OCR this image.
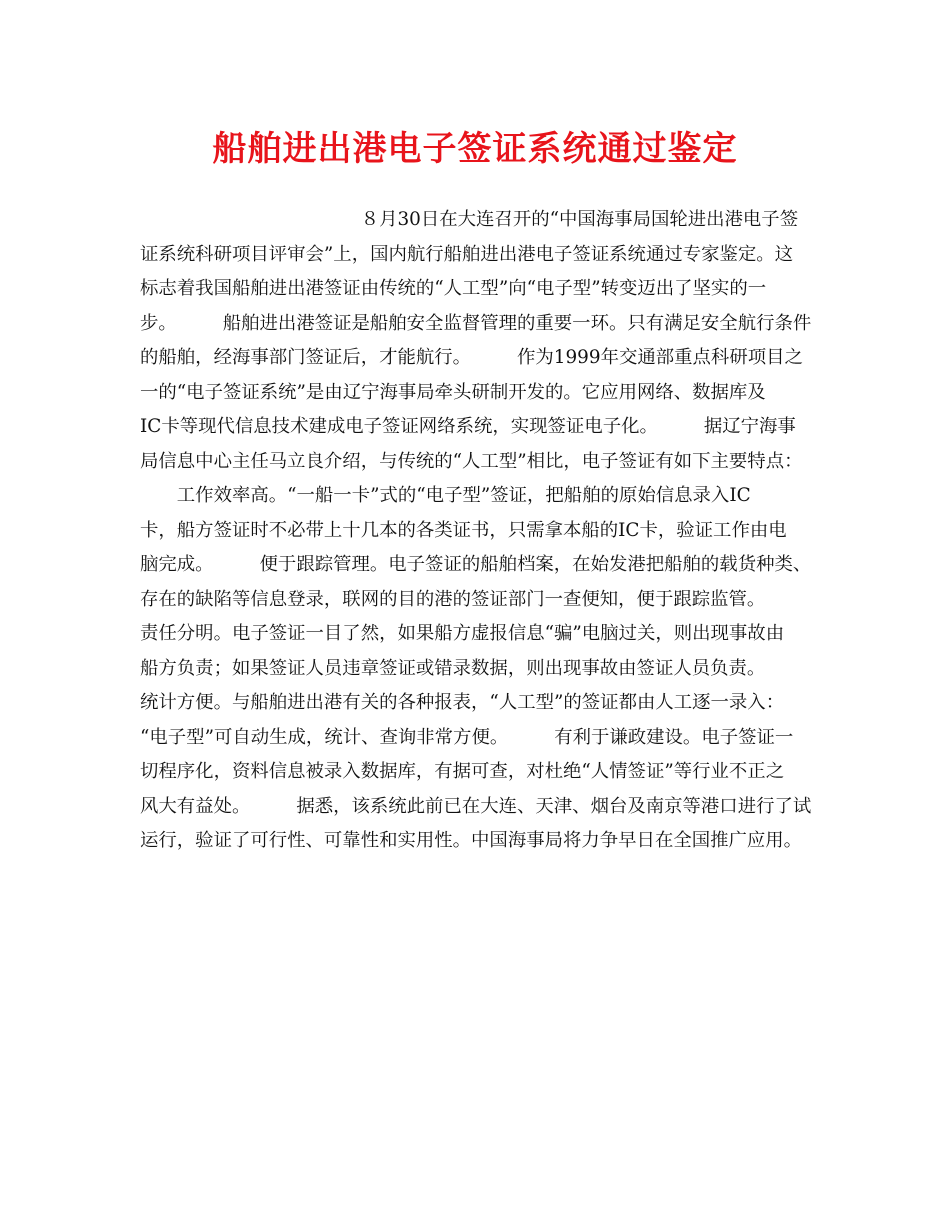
船舶进出港电子签证系统通过鉴定
　　　　　　　　　　　　８月30日在大连召开的“中国海事局国轮进出港电子签
证系统科研项目评审会”上，国内航行船舶进出港电子签证系统通过专家鉴定。这
标志着我国船舶进出港签证由传统的“人工型”向“电子型”转变迈出了坚实的一
步。　　　船舶进出港签证是船舶安全监督管理的重要一环。只有满足安全航行条件
的船舶，经海事部门签证后，才能航行。　　　作为1999年交通部重点科研项目之
一的“电子签证系统”是由辽宁海事局牵头研制开发的。它应用网络、数据库及
IC卡等现代信息技术建成电子签证网络系统，实现签证电子化。　　　据辽宁海事
局信息中心主任马立良介绍，与传统的“人工型”相比，电子签证有如下主要特点：
　　工作效率高。“一船一卡”式的“电子型”签证，把船舶的原始信息录入IC
卡，船方签证时不必带上十几本的各类证书，只需拿本船的IC卡，验证工作由电
脑完成。　　　便于跟踪管理。电子签证的船舶档案，在始发港把船舶的载货种类、
存在的缺陷等信息登录，联网的目的港的签证部门一查便知，便于跟踪监管。
责任分明。电子签证一目了然，如果船方虚报信息“骗”电脑过关，则出现事故由
船方负责；如果签证人员违章签证或错录数据，则出现事故由签证人员负责。
统计方便。与船舶进出港有关的各种报表，“人工型”的签证都由人工逐一录入：
“电子型”可自动生成，统计、查询非常方便。　　　有利于谦政建设。电子签证一
切程序化，资料信息被录入数据库，有据可查，对杜绝“人情签证”等行业不正之
风大有益处。　　　据悉，该系统此前已在大连、天津、烟台及南京等港口进行了试
运行，验证了可行性、可靠性和实用性。中国海事局将力争早日在全国推广应用。
